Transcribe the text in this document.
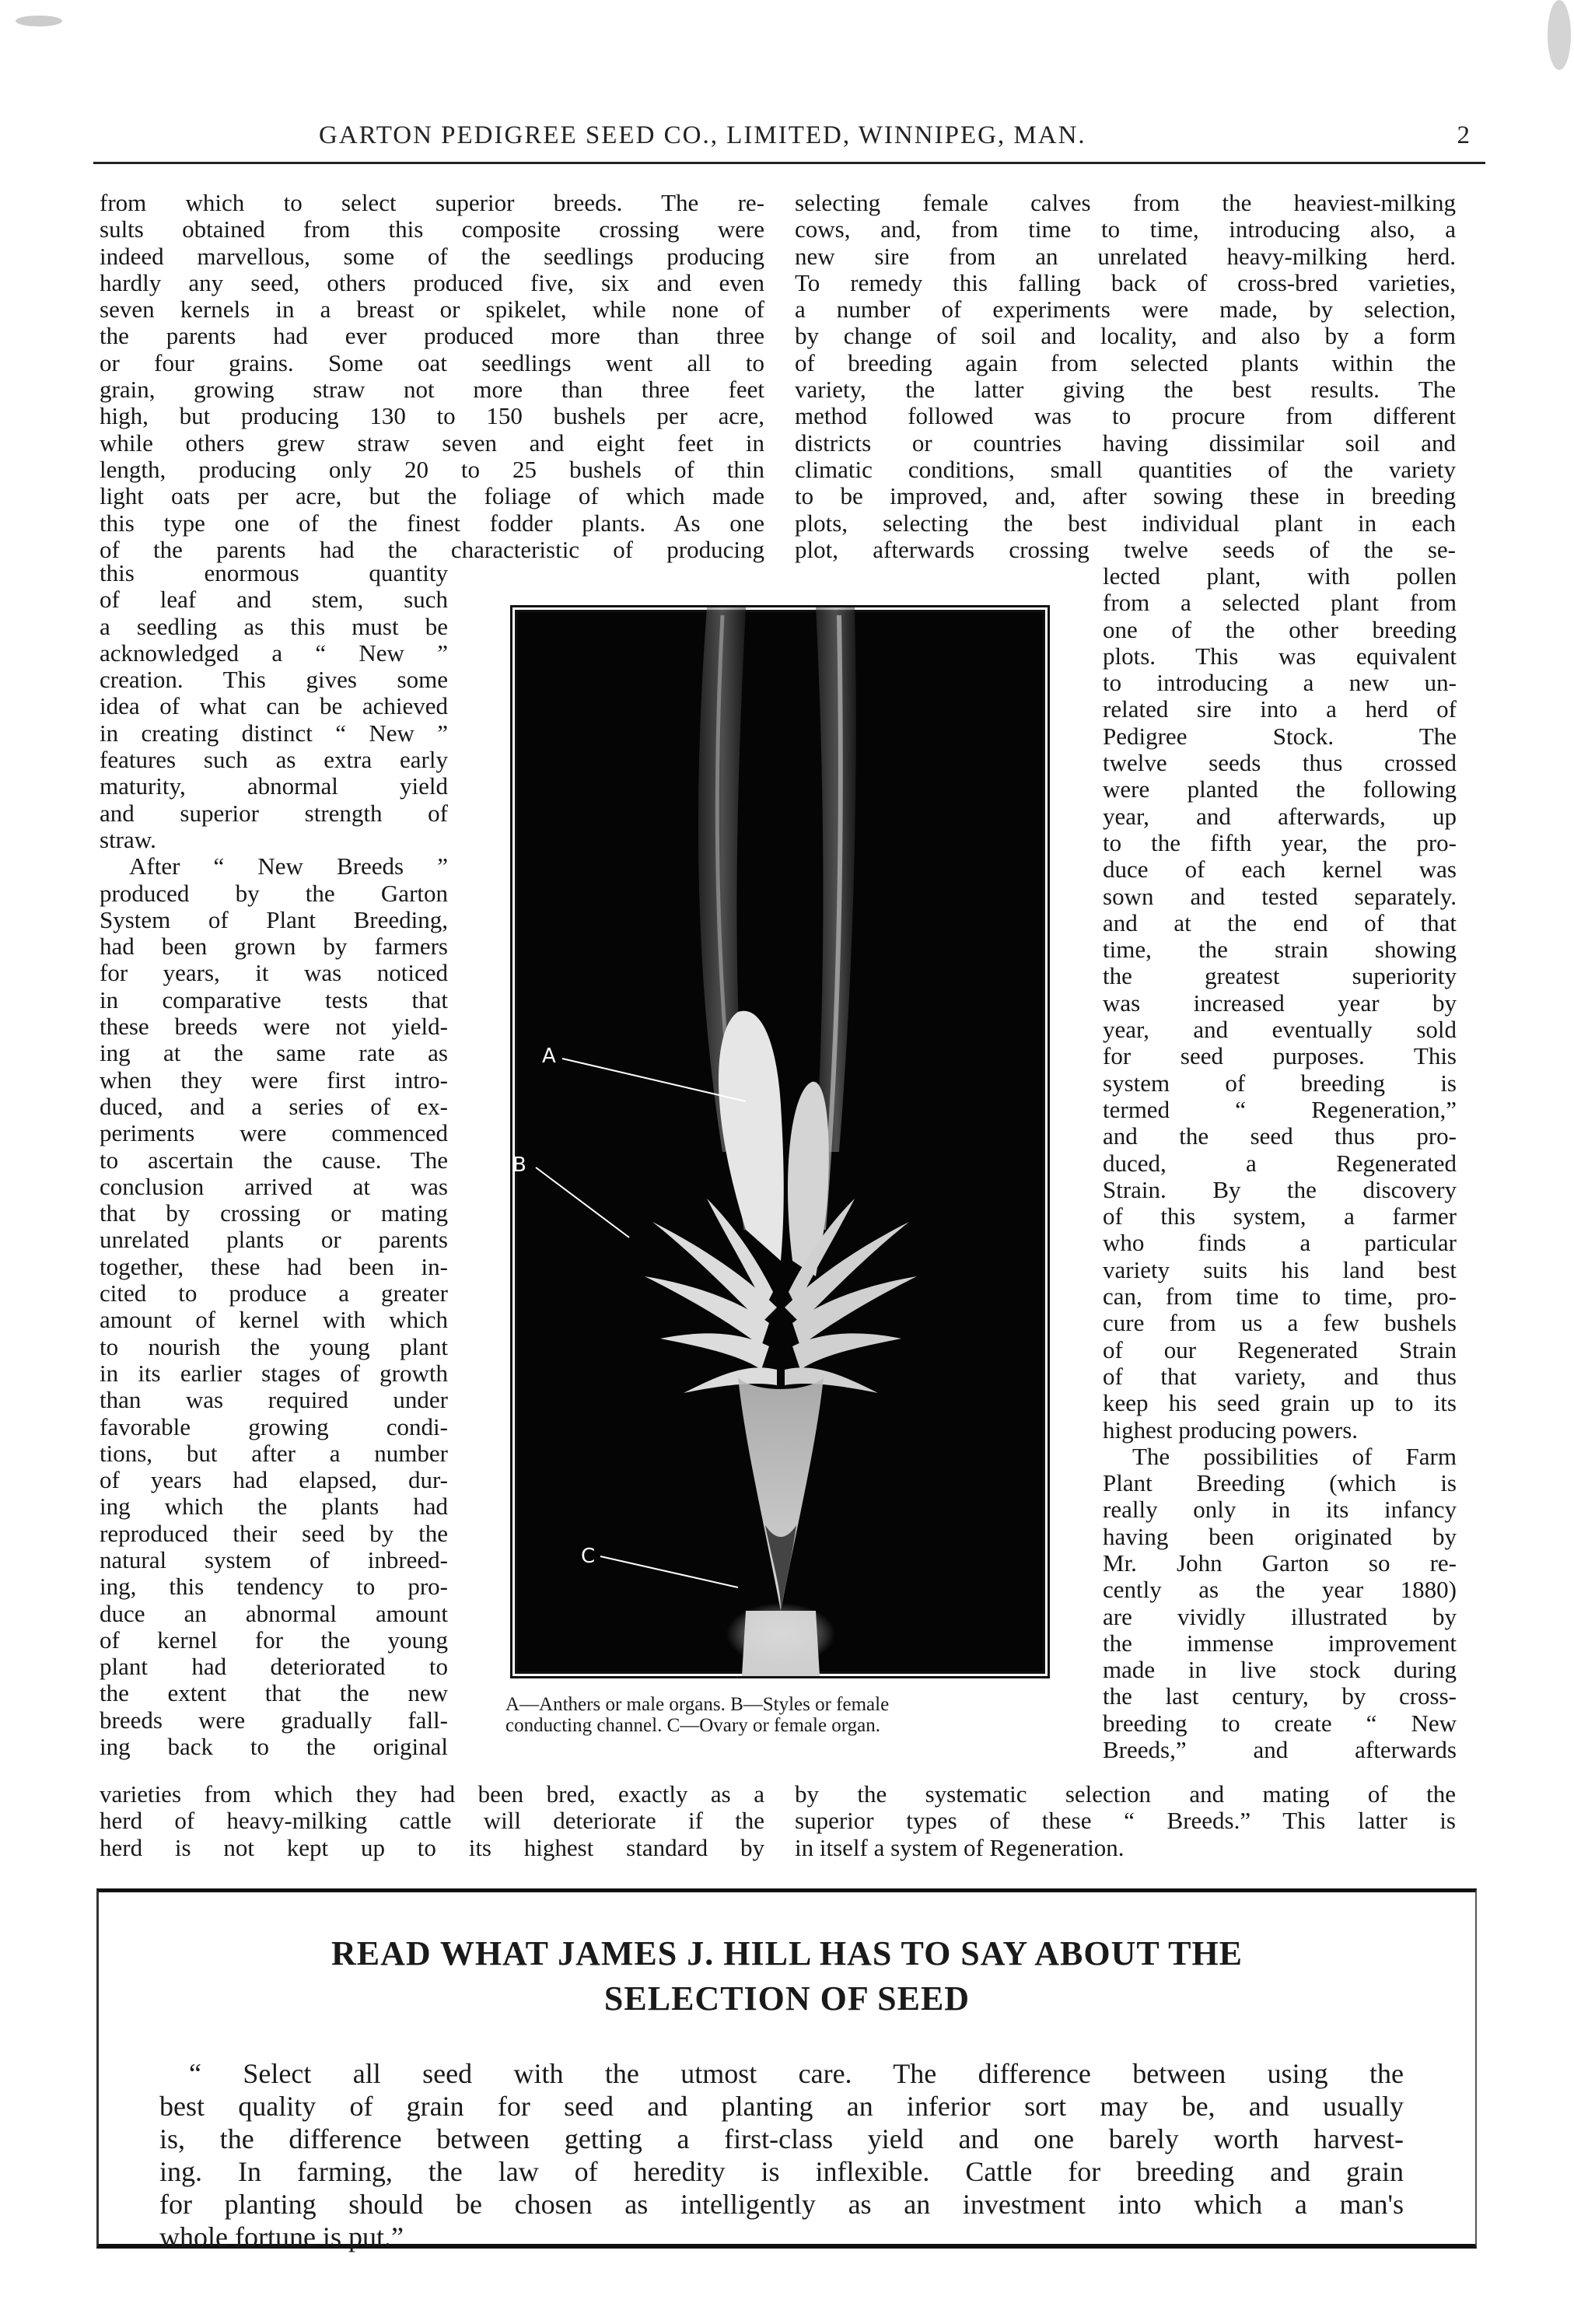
GARTON PEDIGREE SEED CO., LIMITED, WINNIPEG, MAN.	2
from which to select superior breeds. The re-
sults obtained from this composite crossing were
indeed marvellous, some of the seedlings producing
hardly any seed, others produced five, six and even
seven kernels in a breast or spikelet, while none of
the parents had ever produced more than three
or four grains. Some oat seedlings went all to
grain, growing straw not more than three feet
high, but producing 130 to 150 bushels per acre,
while others grew straw seven and eight feet in
length, producing only 20 to 25 bushels of thin
light oats per acre, but the foliage of which made
this type one of the finest fodder plants. As one
of the parents had the characteristic of producing
selecting female calves from the heaviest-milking
cows, and, from time to time, introducing also, a
new sire from an unrelated heavy-milking herd.
To remedy this falling back of cross-bred varieties,
a number of experiments were made, by selection,
by change of soil and locality, and also by a form
of breeding again from selected plants within the
variety, the latter giving the best results. The
method followed was to procure from different
districts or countries having dissimilar soil and
climatic conditions, small quantities of the variety
to be improved, and, after sowing these in breeding
plots, selecting the best individual plant in each
plot, afterwards crossing twelve seeds of the se-
this enormous quantity
of leaf and stem, such
a seedling as this must be
acknowledged a “ New ”
creation. This gives some
idea of what can be achieved
in creating distinct “ New ”
features such as extra early
maturity, abnormal yield
and superior strength of
straw.
After “ New Breeds ”
produced by the Garton
System of Plant Breeding,
had been grown by farmers
for years, it was noticed
in comparative tests that
these breeds were not yield-
ing at the same rate as
when they were first intro-
duced, and a series of ex-
periments were commenced
to ascertain the cause. The
conclusion arrived at was
that by crossing or mating
unrelated plants or parents
together, these had been in-
cited to produce a greater
amount of kernel with which
to nourish the young plant
in its earlier stages of growth
than was required under
favorable growing condi-
tions, but after a number
of years had elapsed, dur-
ing which the plants had
reproduced their seed by the
natural system of inbreed-
ing, this tendency to pro-
duce an abnormal amount
of kernel for the young
plant had deteriorated to
the extent that the new
breeds were gradually fall-
ing back to the original
lected plant, with pollen
from a selected plant from
one of the other breeding
plots. This was equivalent
to introducing a new un-
related sire into a herd of
Pedigree Stock. The
twelve seeds thus crossed
were planted the following
year, and afterwards, up
to the fifth year, the pro-
duce of each kernel was
sown and tested separately.
and at the end of that
time, the strain showing
the greatest superiority
was increased year by
year, and eventually sold
for seed purposes. This
system of breeding is
termed “ Regeneration,”
and the seed thus pro-
duced, a Regenerated
Strain. By the discovery
of this system, a farmer
who finds a particular
variety suits his land best
can, from time to time, pro-
cure from us a few bushels
of our Regenerated Strain
of that variety, and thus
keep his seed grain up to its
highest producing powers.
The possibilities of Farm
Plant Breeding (which is
really only in its infancy
having been originated by
Mr. John Garton so re-
cently as the year 1880)
are vividly illustrated by
the immense improvement
made in live stock during
the last century, by cross-
breeding to create “ New
Breeds,” and afterwards
varieties from which they had been bred, exactly as a
herd of heavy-milking cattle will deteriorate if the
herd is not kept up to its highest standard by
by the systematic selection and mating of the
superior types of these “ Breeds.” This latter is
in itself a system of Regeneration.
A
B
C
A—Anthers or male organs. B—Styles or female
conducting channel. C—Ovary or female organ.
READ WHAT JAMES J. HILL HAS TO SAY ABOUT THE
SELECTION OF SEED
“ Select all seed with the utmost care. The difference between using the
best quality of grain for seed and planting an inferior sort may be, and usually
is, the difference between getting a first-class yield and one barely worth harvest-
ing. In farming, the law of heredity is inflexible. Cattle for breeding and grain
for planting should be chosen as intelligently as an investment into which a man's
whole fortune is put.”
